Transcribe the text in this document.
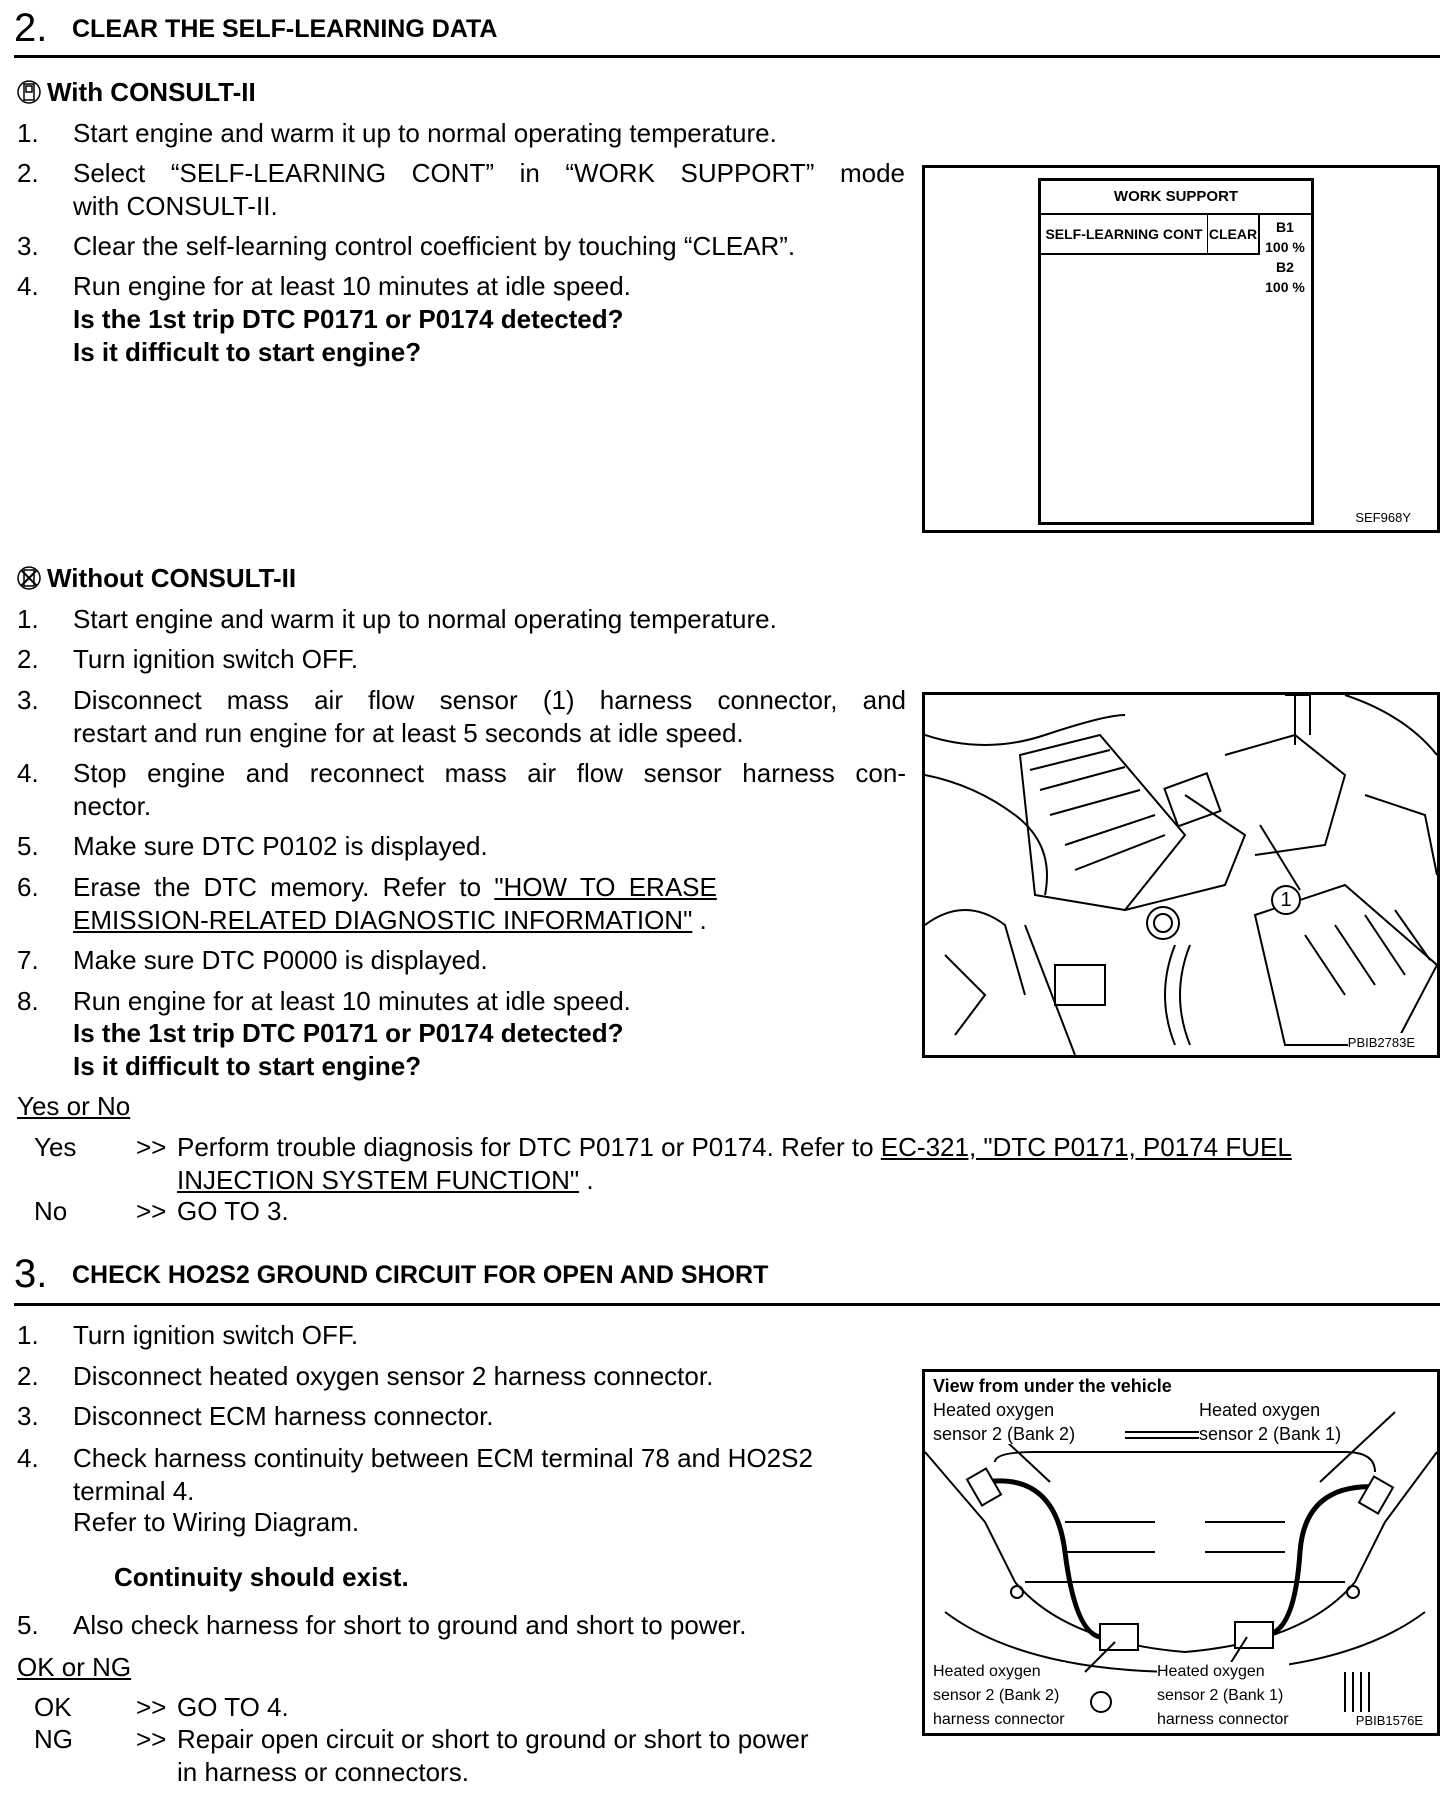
2. CLEAR THE SELF-LEARNING DATA
With CONSULT-II
1. Start engine and warm it up to normal operating temperature.
2. Select “SELF-LEARNING CONT” in “WORK SUPPORT” mode
with CONSULT-II.
3. Clear the self-learning control coefficient by touching “CLEAR”.
4. Run engine for at least 10 minutes at idle speed.
Is the 1st trip DTC P0171 or P0174 detected?
Is it difficult to start engine?
WORK SUPPORT
SELF-LEARNING CONT CLEAR	B1
100 %
B2
100 %
SEF968Y
Without CONSULT-II
1. Start engine and warm it up to normal operating temperature.
2. Turn ignition switch OFF.
3. Disconnect mass air flow sensor (1) harness connector, and
restart and run engine for at least 5 seconds at idle speed.
4. Stop engine and reconnect mass air flow sensor harness con-
nector.
5. Make sure DTC P0102 is displayed.
6. Erase the DTC memory. Refer to "HOW TO ERASE
EMISSION-RELATED DIAGNOSTIC INFORMATION" .
7. Make sure DTC P0000 is displayed.
8. Run engine for at least 10 minutes at idle speed.
Is the 1st trip DTC P0171 or P0174 detected?
Is it difficult to start engine?
1
PBIB2783E
Yes or No
Yes >> Perform trouble diagnosis for DTC P0171 or P0174. Refer to EC-321, "DTC P0171, P0174 FUEL
INJECTION SYSTEM FUNCTION" .
No	>> GO TO 3.
3. CHECK HO2S2 GROUND CIRCUIT FOR OPEN AND SHORT
1. Turn ignition switch OFF.
2. Disconnect heated oxygen sensor 2 harness connector.
3. Disconnect ECM harness connector.
4. Check harness continuity between ECM terminal 78 and HO2S2
terminal 4.
Refer to Wiring Diagram.
Continuity should exist.
5. Also check harness for short to ground and short to power.
OK or NG
OK >> GO TO 4.
NG >> Repair open circuit or short to ground or short to power
in harness or connectors.
View from under the vehicle
Heated oxygen
sensor 2 (Bank 2)
Heated oxygen
sensor 2 (Bank 1)
Heated oxygen
sensor 2 (Bank 2)
harness connector
Heated oxygen
sensor 2 (Bank 1)
harness connector	PBIB1576E
